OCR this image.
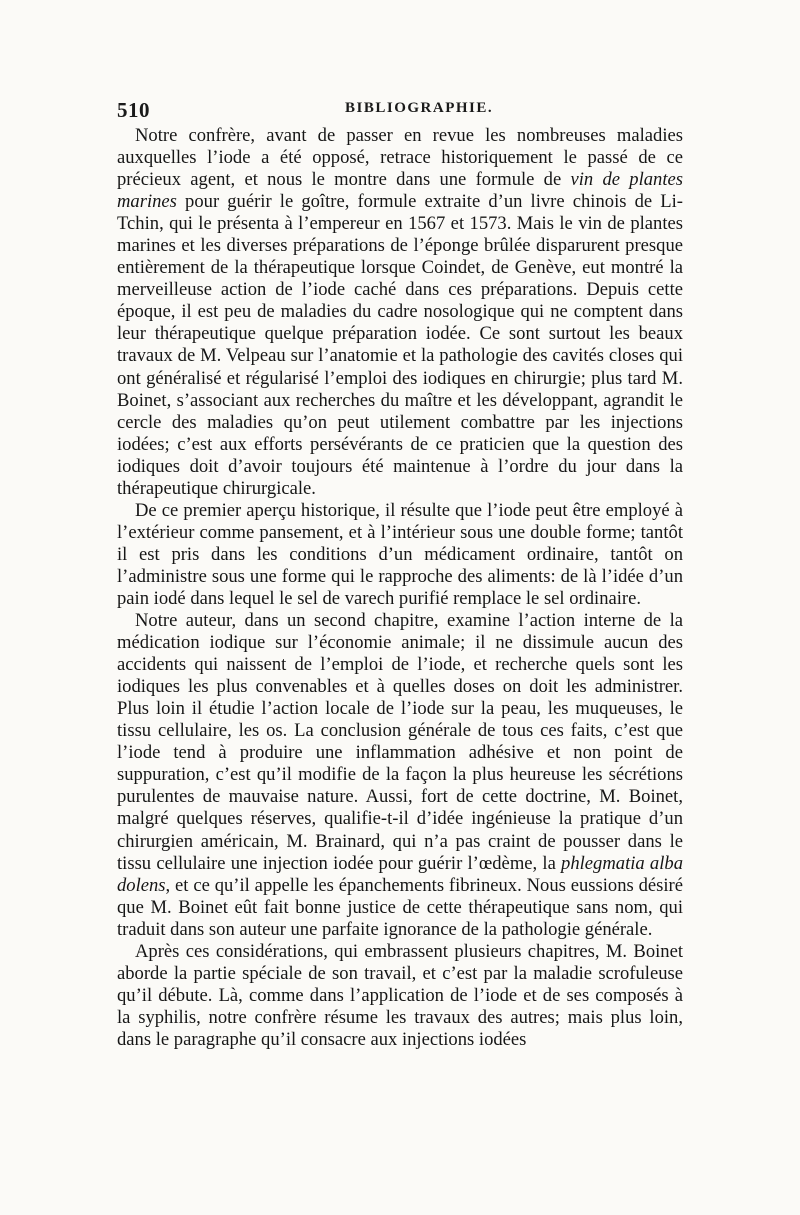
510	BIBLIOGRAPHIE.

Notre confrère, avant de passer en revue les nombreuses maladies auxquelles l’iode a été opposé, retrace historiquement le passé de ce précieux agent, et nous le montre dans une formule de vin de plantes marines pour guérir le goître, formule extraite d’un livre chinois de Li-Tchin, qui le présenta à l’empereur en 1567 et 1573. Mais le vin de plantes marines et les diverses préparations de l’éponge brûlée disparurent presque entièrement de la thérapeutique lorsque Coindet, de Genève, eut montré la merveilleuse action de l’iode caché dans ces préparations. Depuis cette époque, il est peu de maladies du cadre nosologique qui ne comptent dans leur thérapeutique quelque préparation iodée. Ce sont surtout les beaux travaux de M. Velpeau sur l’anatomie et la pathologie des cavités closes qui ont généralisé et régularisé l’emploi des iodiques en chirurgie; plus tard M. Boinet, s’associant aux recherches du maître et les développant, agrandit le cercle des maladies qu’on peut utilement combattre par les injections iodées; c’est aux efforts persévérants de ce praticien que la question des iodiques doit d’avoir toujours été maintenue à l’ordre du jour dans la thérapeutique chirurgicale.

De ce premier aperçu historique, il résulte que l’iode peut être employé à l’extérieur comme pansement, et à l’intérieur sous une double forme; tantôt il est pris dans les conditions d’un médicament ordinaire, tantôt on l’administre sous une forme qui le rapproche des aliments: de là l’idée d’un pain iodé dans lequel le sel de varech purifié remplace le sel ordinaire.

Notre auteur, dans un second chapitre, examine l’action interne de la médication iodique sur l’économie animale; il ne dissimule aucun des accidents qui naissent de l’emploi de l’iode, et recherche quels sont les iodiques les plus convenables et à quelles doses on doit les administrer. Plus loin il étudie l’action locale de l’iode sur la peau, les muqueuses, le tissu cellulaire, les os. La conclusion générale de tous ces faits, c’est que l’iode tend à produire une inflammation adhésive et non point de suppuration, c’est qu’il modifie de la façon la plus heureuse les sécrétions purulentes de mauvaise nature. Aussi, fort de cette doctrine, M. Boinet, malgré quelques réserves, qualifie-t-il d’idée ingénieuse la pratique d’un chirurgien américain, M. Brainard, qui n’a pas craint de pousser dans le tissu cellulaire une injection iodée pour guérir l’œdème, la phlegmatia alba dolens, et ce qu’il appelle les épanchements fibrineux. Nous eussions désiré que M. Boinet eût fait bonne justice de cette thérapeutique sans nom, qui traduit dans son auteur une parfaite ignorance de la pathologie générale.

Après ces considérations, qui embrassent plusieurs chapitres, M. Boinet aborde la partie spéciale de son travail, et c’est par la maladie scrofuleuse qu’il débute. Là, comme dans l’application de l’iode et de ses composés à la syphilis, notre confrère résume les travaux des autres; mais plus loin, dans le paragraphe qu’il consacre aux injections iodées
